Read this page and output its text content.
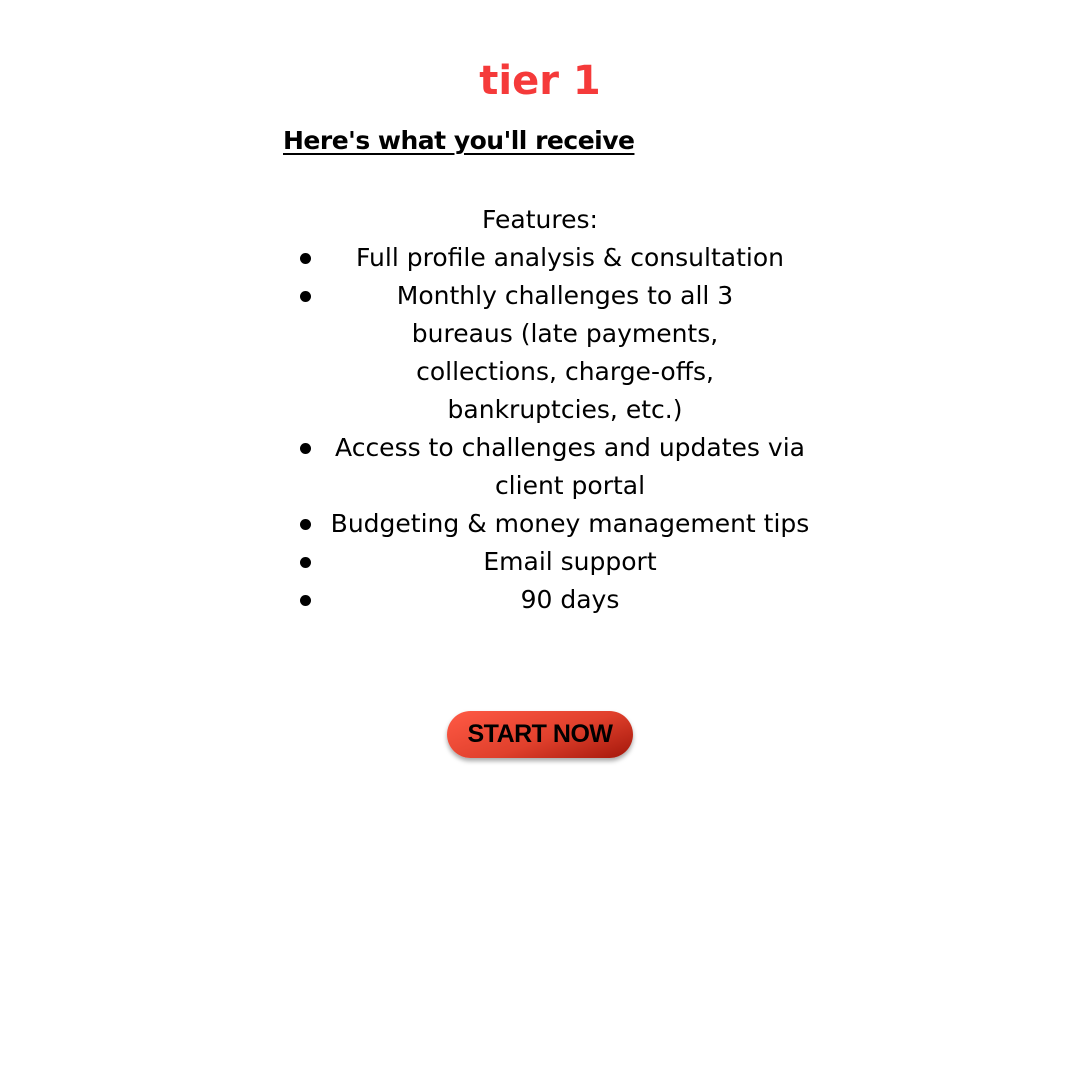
tier 1
Here's what you'll receive
Features:
Full profile analysis & consultation
Monthly challenges to all 3 bureaus (late payments, collections, charge-offs, bankruptcies, etc.)
Access to challenges and updates via client portal
Budgeting & money management tips
Email support
90 days
START NOW
